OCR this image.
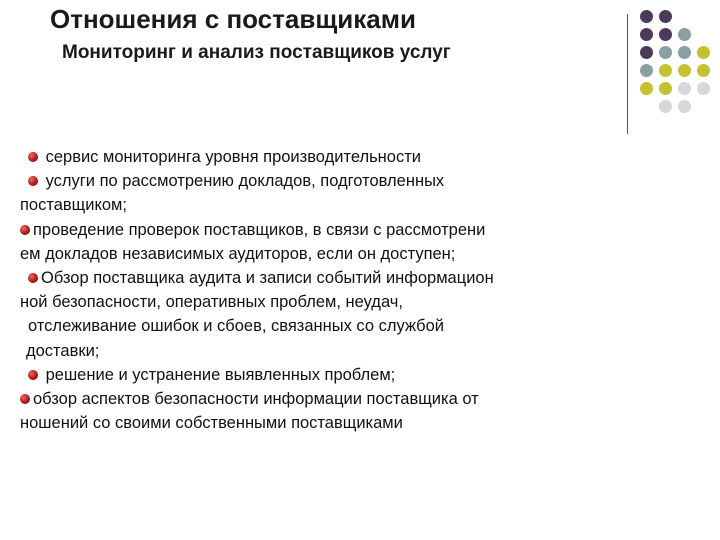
Отношения с поставщиками
Мониторинг и анализ поставщиков услуг
сервис мониторинга уровня производительности
услуги по рассмотрению докладов, подготовленных
поставщиком;
проведение проверок поставщиков, в связи с рассмотрени
ем докладов независимых аудиторов, если он доступен;
Обзор поставщика аудита и записи событий информацион
ной безопасности, оперативных проблем, неудач,
отслеживание ошибок и сбоев, связанных со службой
доставки;
решение и устранение выявленных проблем;
обзор аспектов безопасности информации поставщика от
ношений со своими собственными поставщиками
